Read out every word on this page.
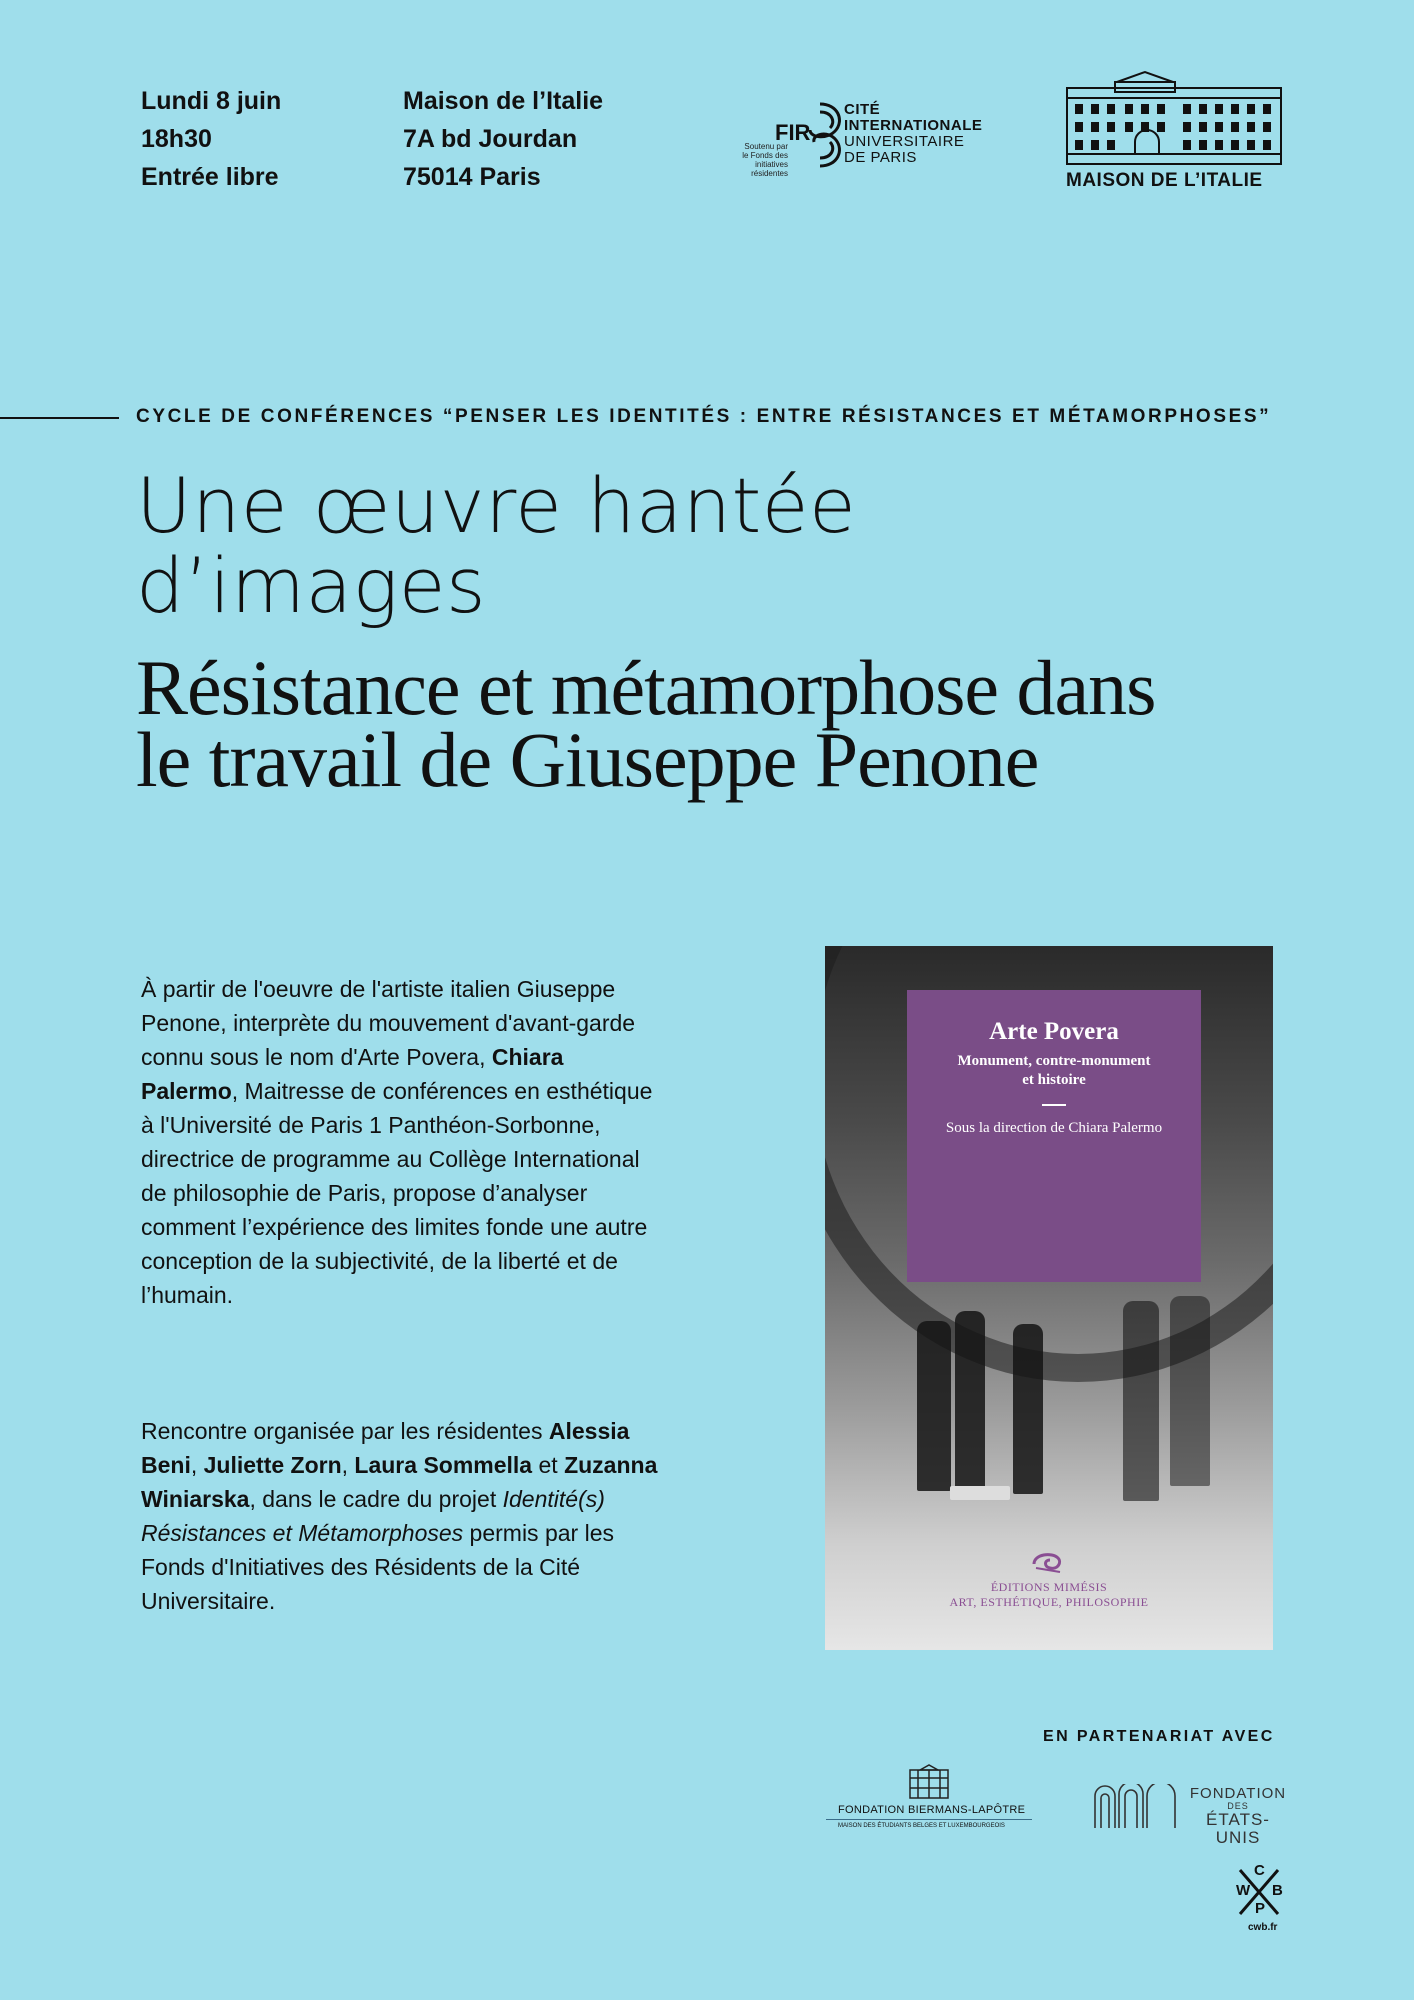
Lundi 8 juin
18h30
Entrée libre
Maison de l’Italie
7A bd Jourdan
75014 Paris
Soutenu par
le Fonds des initiatives
résidentes
FIR
CITÉ
INTERNATIONALE
UNIVERSITAIRE
DE PARIS
MAISON DE L’ITALIE
CYCLE DE CONFÉRENCES “PENSER LES IDENTITÉS : ENTRE RÉSISTANCES ET MÉTAMORPHOSES”
Une œuvre hantée
d’images
Résistance et métamorphose dans
le travail de Giuseppe Penone
À partir de l'oeuvre de l'artiste italien Giuseppe Penone, interprète du mouvement d'avant-garde connu sous le nom d'Arte Povera, Chiara Palermo, Maitresse de conférences en esthétique à l'Université de Paris 1 Panthéon-Sorbonne, directrice de programme au Collège International de philosophie de Paris, propose d’analyser comment l’expérience des limites fonde une autre conception de la subjectivité, de la liberté et de l’humain.
Rencontre organisée par les résidentes Alessia Beni, Juliette Zorn, Laura Sommella et Zuzanna Winiarska, dans le cadre du projet Identité(s) Résistances et Métamorphoses permis par les Fonds d'Initiatives des Résidents de la Cité Universitaire.
Arte Povera
Monument, contre-monument
et histoire
Sous la direction de Chiara Palermo
ÉDITIONS MIMÉSIS
ART, ESTHÉTIQUE, PHILOSOPHIE
EN PARTENARIAT AVEC
FONDATION BIERMANS-LAPÔTRE
MAISON DES ÉTUDIANTS BELGES ET LUXEMBOURGEOIS
FONDATION
DES
ÉTATS-UNIS
C
W B
P
cwb.fr
